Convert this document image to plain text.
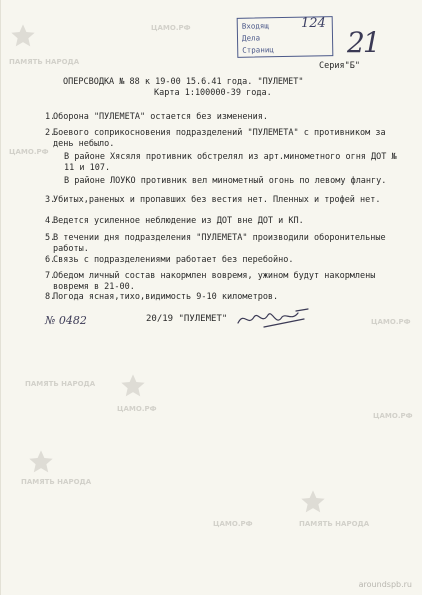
Входящ
Дела
Страниц
124
21
Серия"Б"
ОПЕРСВОДКА № 88 к 19-00 15.6.41 года. "ПУЛЕМЕТ"
Карта 1:100000-39 года.
1.
Оборона "ПУЛЕМЕТА" остается без изменения.
2.
Боевого соприкосновения подразделений "ПУЛЕМЕТА" с противником за день небыло.
В районе Хясяля противник обстрелял из арт.минометного огня ДОТ № 11 и 107.
В районе ЛОУКО противник вел минометный огонь по левому флангу.
3.
Убитых,раненых и пропавших без вестия нет. Пленных и трофей нет.
4.
Ведется усиленное неблюдение из ДОТ вне ДОТ и КП.
5.
В течении дня подразделения "ПУЛЕМЕТА" производили оборонительные работы.
6.
Связь с подразделениями работает без перебойно.
7.
Обедом личный состав накормлен вовремя, ужином будут накормлены вовремя в 21-00.
8.
Погода ясная,тихо,видимость 9-10 километров.
№ 0482	20/19 "ПУЛЕМЕТ"
ПАМЯТЬ НАРОДА
ЦАМО.РФ
ЦАМО.РФ
ЦАМО.РФ
ПАМЯТЬ НАРОДА
ЦАМО.РФ
ПАМЯТЬ НАРОДА
ЦАМО.РФ	ПАМЯТЬ НАРОДА
ЦАМО.РФ
aroundspb.ru
